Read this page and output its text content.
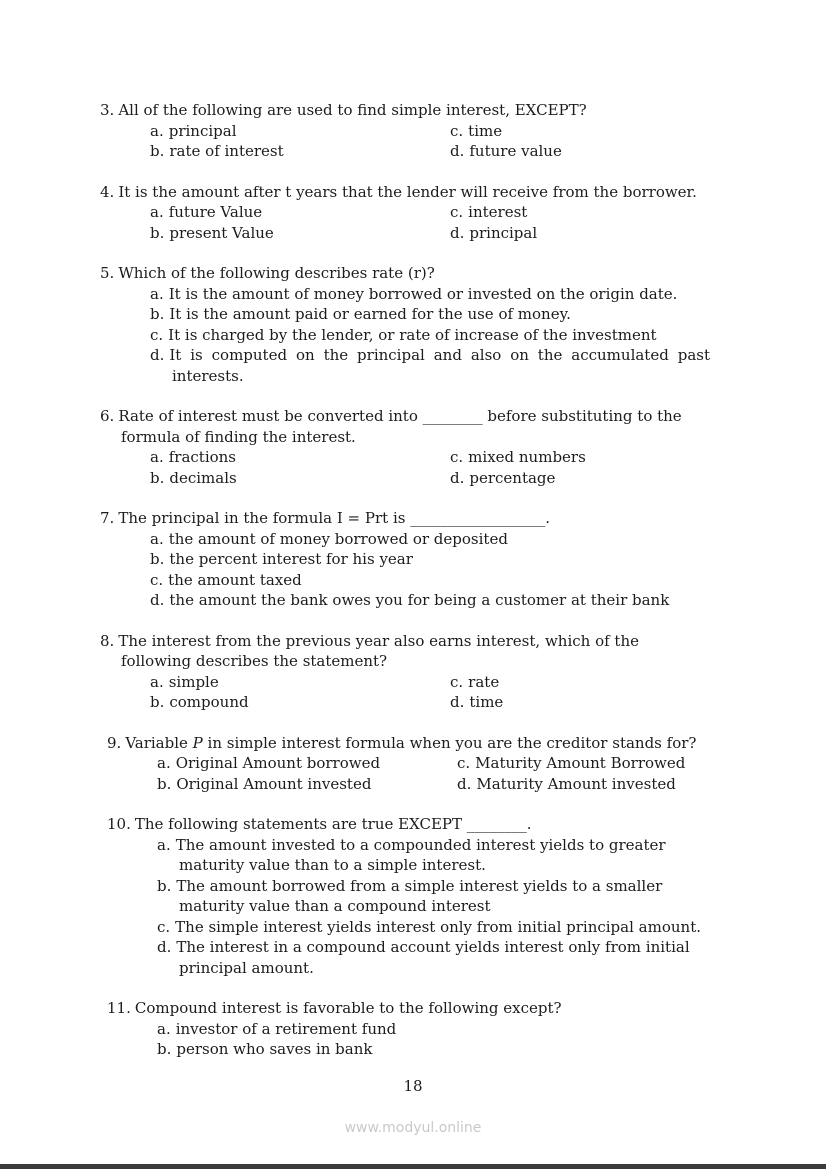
3. All of the following are used to find simple interest, EXCEPT?
a. principal	c. time
b. rate of interest	d. future value
4. It is the amount after t years that the lender will receive from the borrower.
a. future Value	c. interest
b. present Value	d. principal
5. Which of the following describes rate (r)?
a. It is the amount of money borrowed or invested on the origin date.
b. It is the amount paid or earned for the use of money.
c. It is charged by the lender, or rate of increase of the investment
d. It is computed on the principal and also on the accumulated past interests.
6. Rate of interest must be converted into ________ before substituting to the formula of finding the interest.
a. fractions	c. mixed numbers
b. decimals	d. percentage
7. The principal in the formula I = Prt is __________________.
a. the amount of money borrowed or deposited
b. the percent interest for his year
c. the amount taxed
d. the amount the bank owes you for being a customer at their bank
8. The interest from the previous year also earns interest, which of the following describes the statement?
a. simple	c. rate
b. compound	d. time
9. Variable P in simple interest formula when you are the creditor stands for?
a. Original Amount borrowed	c. Maturity Amount Borrowed
b. Original Amount invested	d. Maturity Amount invested
10. The following statements are true EXCEPT ________.
a. The amount invested to a compounded interest yields to greater maturity value than to a simple interest.
b. The amount borrowed from a simple interest yields to a smaller maturity value than a compound interest
c. The simple interest yields interest only from initial principal amount.
d. The interest in a compound account yields interest only from initial principal amount.
11. Compound interest is favorable to the following except?
a. investor of a retirement fund
b. person who saves in bank
18
www.modyul.online
